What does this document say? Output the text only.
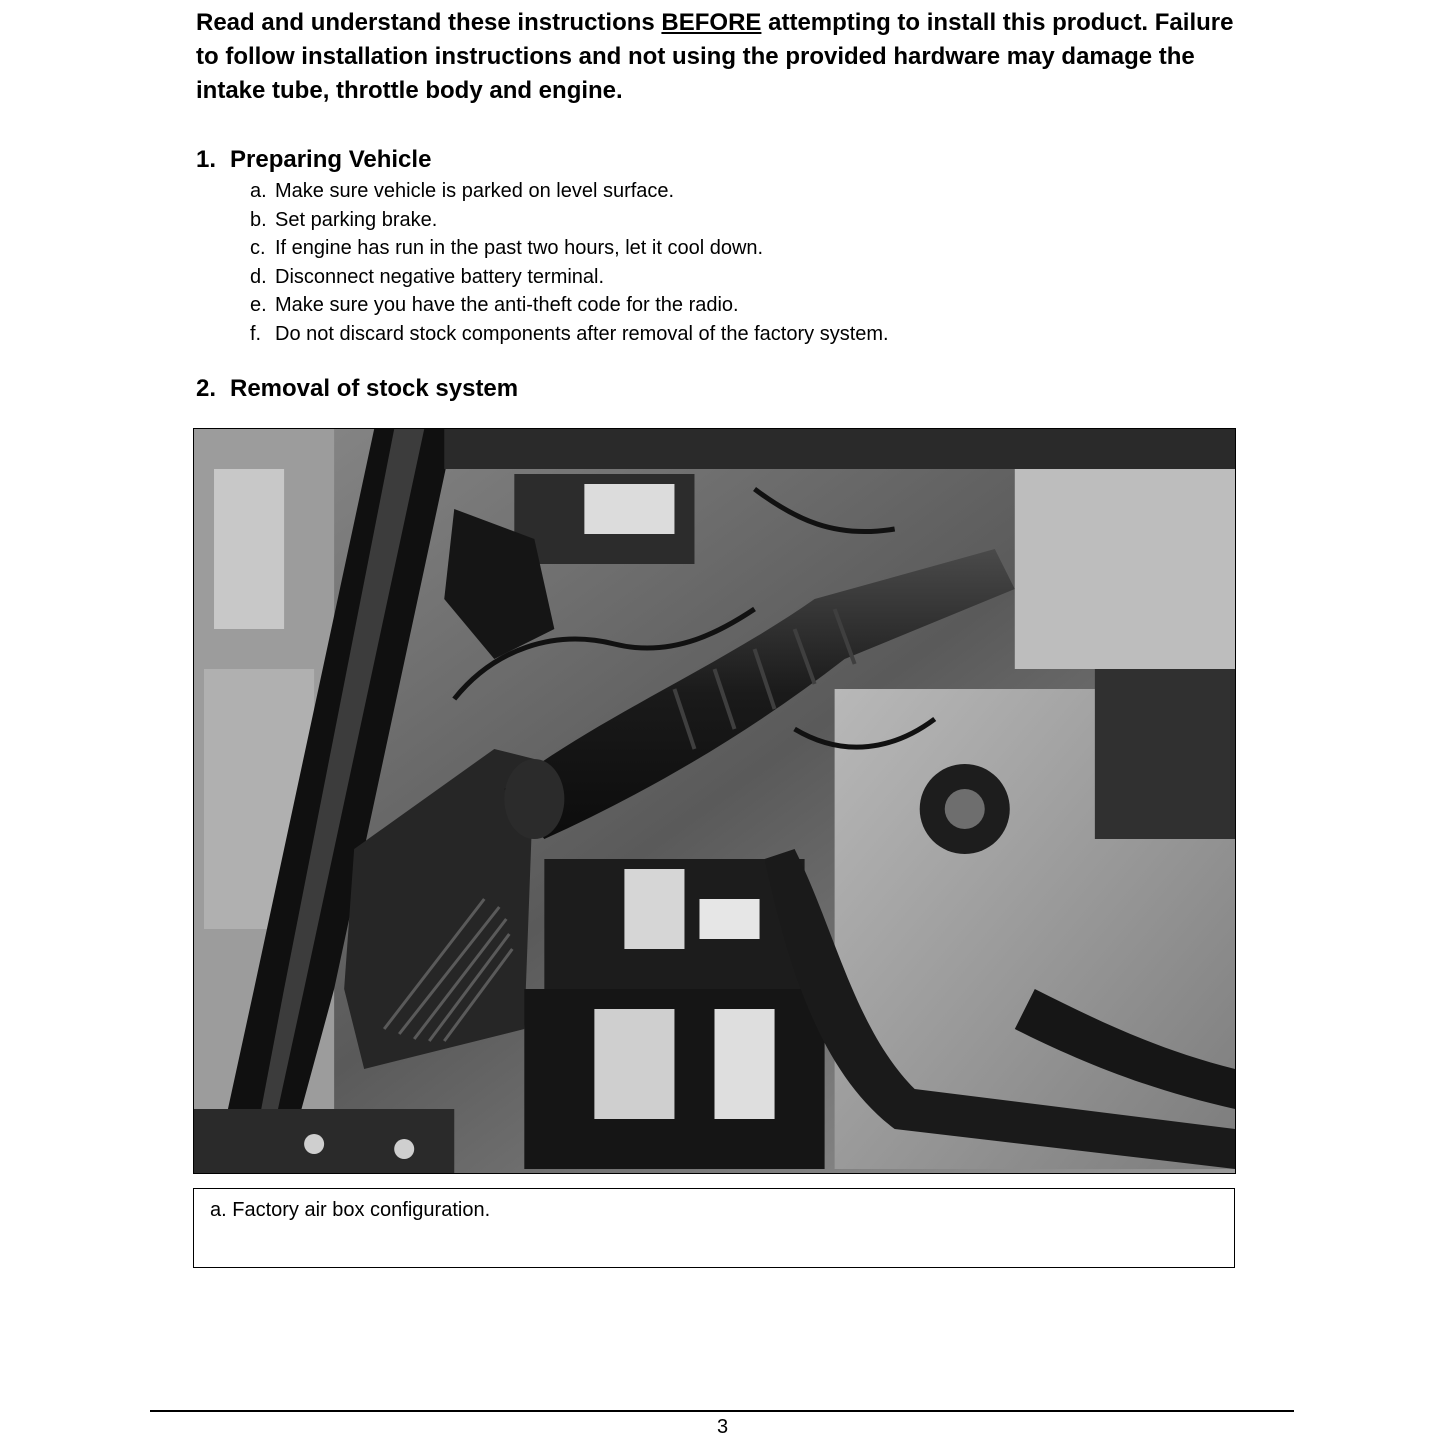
Read and understand these instructions BEFORE attempting to install this product. Failure to follow installation instructions and not using the provided hardware may damage the intake tube, throttle body and engine.
1. Preparing Vehicle
a. Make sure vehicle is parked on level surface.
b. Set parking brake.
c. If engine has run in the past two hours, let it cool down.
d. Disconnect negative battery terminal.
e. Make sure you have the anti-theft code for the radio.
f. Do not discard stock components after removal of the factory system.
2. Removal of stock system
a. Factory air box configuration.
3
